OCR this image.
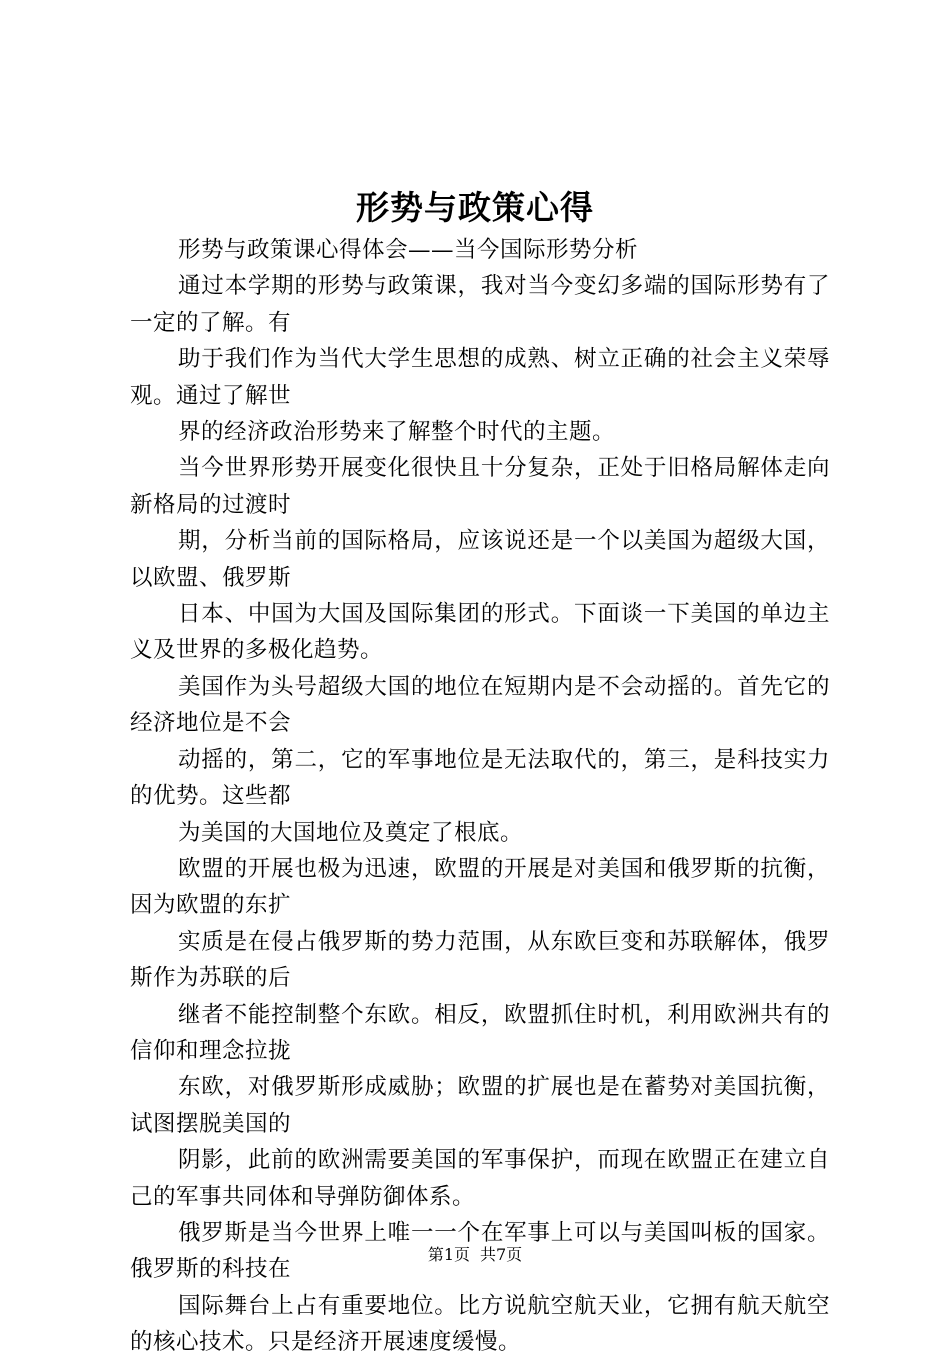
形势与政策心得

形势与政策课心得体会——当今国际形势分析

通过本学期的形势与政策课，我对当今变幻多端的国际形势有了一定的了解。有

助于我们作为当代大学生思想的成熟、树立正确的社会主义荣辱观。通过了解世

界的经济政治形势来了解整个时代的主题。

当今世界形势开展变化很快且十分复杂，正处于旧格局解体走向新格局的过渡时

期，分析当前的国际格局，应该说还是一个以美国为超级大国，以欧盟、俄罗斯

日本、中国为大国及国际集团的形式。下面谈一下美国的单边主义及世界的多极化趋势。

美国作为头号超级大国的地位在短期内是不会动摇的。首先它的经济地位是不会

动摇的，第二，它的军事地位是无法取代的，第三，是科技实力的优势。这些都

为美国的大国地位及奠定了根底。

欧盟的开展也极为迅速，欧盟的开展是对美国和俄罗斯的抗衡，因为欧盟的东扩

实质是在侵占俄罗斯的势力范围，从东欧巨变和苏联解体，俄罗斯作为苏联的后

继者不能控制整个东欧。相反，欧盟抓住时机，利用欧洲共有的信仰和理念拉拢

东欧，对俄罗斯形成威胁；欧盟的扩展也是在蓄势对美国抗衡，试图摆脱美国的

阴影，此前的欧洲需要美国的军事保护，而现在欧盟正在建立自己的军事共同体和导弹防御体系。

俄罗斯是当今世界上唯一一个在军事上可以与美国叫板的国家。俄罗斯的科技在

国际舞台上占有重要地位。比方说航空航天业，它拥有航天航空的核心技术。只是经济开展速度缓慢。

第1页 共7页
